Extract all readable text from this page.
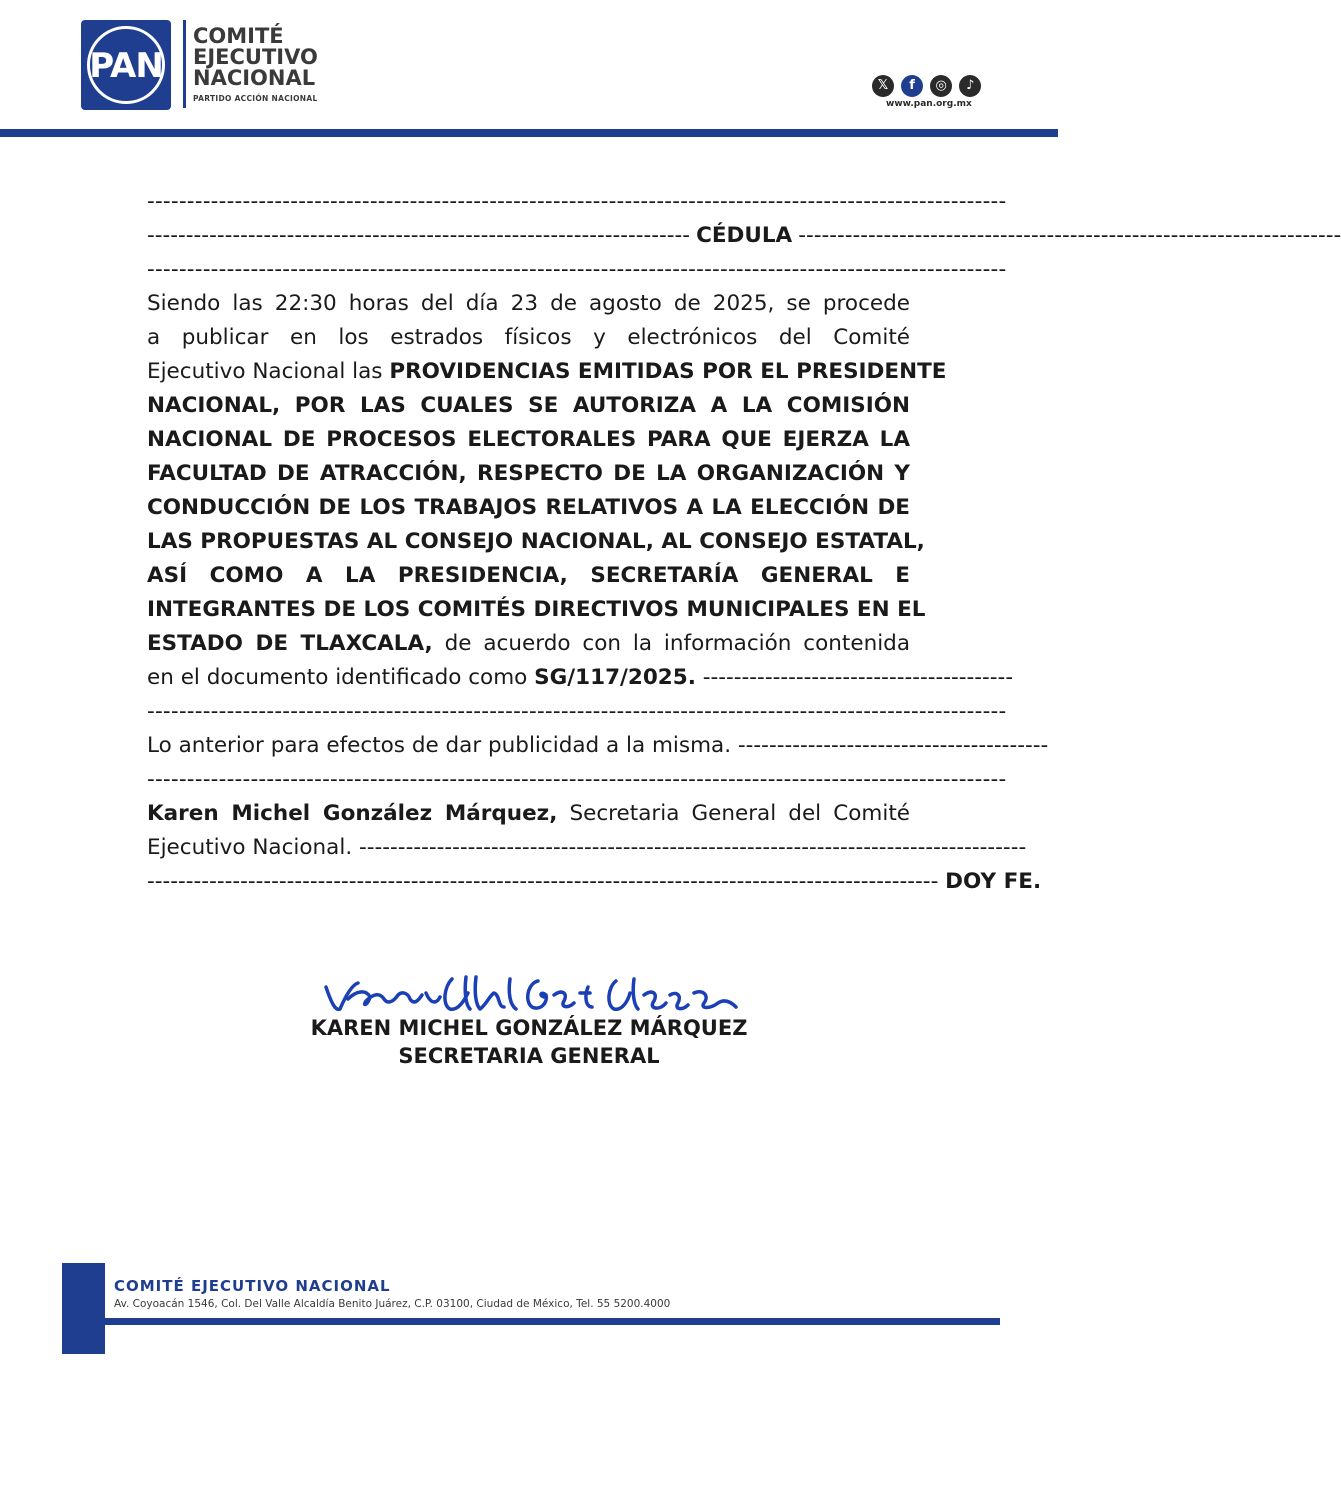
PAN
COMITÉ
EJECUTIVO
NACIONAL
PARTIDO ACCIÓN NACIONAL
𝕏 f ◎ ♪
www.pan.org.mx
------------------------------------------------------------------------------------------------------------
---------------------------------------------------------------------- CÉDULA ----------------------------------------------------------------------
------------------------------------------------------------------------------------------------------------
Siendo las 22:30 horas del día 23 de agosto de 2025, se procede
a publicar en los estrados físicos y electrónicos del Comité
Ejecutivo Nacional las PROVIDENCIAS EMITIDAS POR EL PRESIDENTE
NACIONAL, POR LAS CUALES SE AUTORIZA A LA COMISIÓN
NACIONAL DE PROCESOS ELECTORALES PARA QUE EJERZA LA
FACULTAD DE ATRACCIÓN, RESPECTO DE LA ORGANIZACIÓN Y
CONDUCCIÓN DE LOS TRABAJOS RELATIVOS A LA ELECCIÓN DE
LAS PROPUESTAS AL CONSEJO NACIONAL, AL CONSEJO ESTATAL,
ASÍ COMO A LA PRESIDENCIA, SECRETARÍA GENERAL E
INTEGRANTES DE LOS COMITÉS DIRECTIVOS MUNICIPALES EN EL
ESTADO DE TLAXCALA, de acuerdo con la información contenida
en el documento identificado como
SG/117/2025.
----------------------------------------
------------------------------------------------------------------------------------------------------------
Lo anterior para efectos de dar publicidad a la misma.
----------------------------------------
------------------------------------------------------------------------------------------------------------
Karen Michel González Márquez, Secretaria General del Comité
Ejecutivo Nacional.
--------------------------------------------------------------------------------------
------------------------------------------------------------------------------------------------------
DOY FE.
KAREN MICHEL GONZÁLEZ MÁRQUEZ
SECRETARIA GENERAL
COMITÉ EJECUTIVO NACIONAL
Av. Coyoacán 1546, Col. Del Valle Alcaldía Benito Juárez, C.P. 03100, Ciudad de México, Tel. 55 5200.4000
